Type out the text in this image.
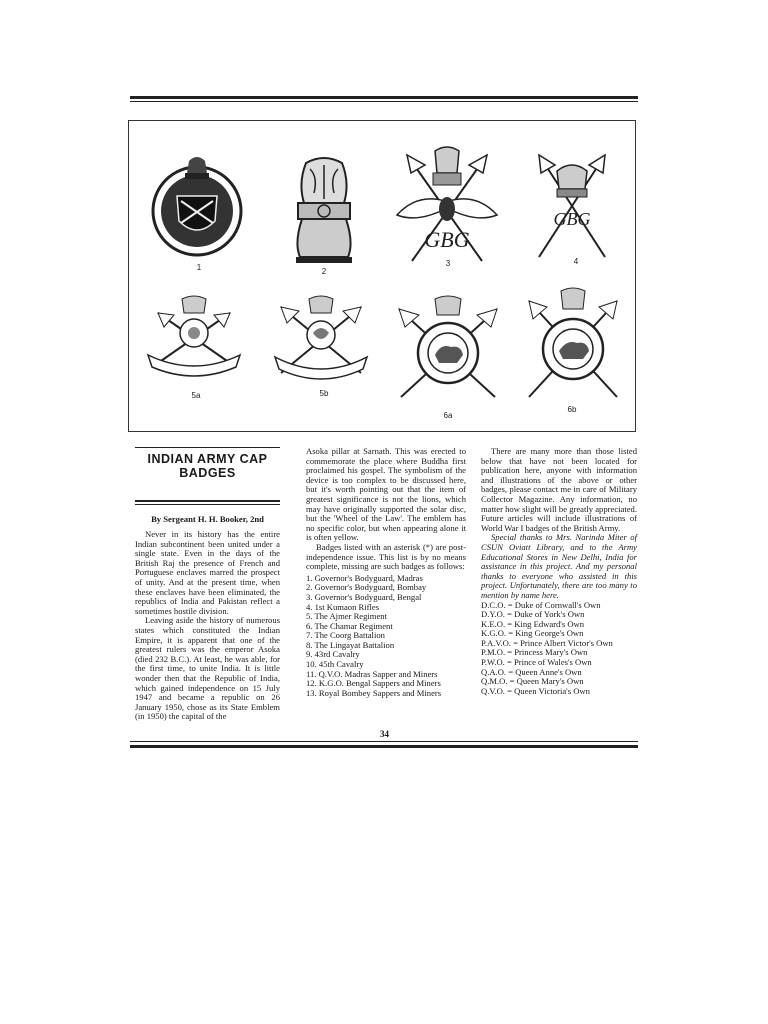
GBG
GBG
1	2
3	4
5a	5b
6a
6b
INDIAN ARMY CAP BADGES
By Sergeant H. H. Booker, 2nd

Never in its history has the entire Indian subcontinent been united under a single state. Even in the days of the British Raj the presence of French and Portuguese enclaves marred the prospect of unity. And at the present time, when these enclaves have been eliminated, the republics of India and Pakistan reflect a sometimes hostile division.

Leaving aside the history of numerous states which constituted the Indian Empire, it is apparent that one of the greatest rulers was the emperor Asoka (died 232 B.C.). At least, he was able, for the first time, to unite India. It is little wonder then that the Republic of India, which gained independence on 15 July 1947 and became a republic on 26 January 1950, chose as its State Emblem (in 1950) the capital of the

Asoka pillar at Sarnath. This was erected to commemorate the place where Buddha first proclaimed his gospel. The symbolism of the device is too complex to be discussed here, but it's worth pointing out that the item of greatest significance is not the lions, which may have originally supported the solar disc, but the 'Wheel of the Law'. The emblem has no specific color, but when appearing alone it is often yellow.

Badges listed with an asterisk (*) are post-independence issue. This list is by no means complete, missing are such badges as follows:

1. Governor's Bodyguard, Madras
2. Governor's Bodyguard, Bombay
3. Governor's Bodyguard, Bengal
4. 1st Kumaon Rifles
5. The Ajmer Regiment
6. The Chamar Regiment
7. The Coorg Battalion
8. The Lingayat Battalion
9. 43rd Cavalry
10. 45th Cavalry
11. Q.V.O. Madras Sapper and Miners
12. K.G.O. Bengal Sappers and Miners
13. Royal Bombey Sappers and Miners

There are many more than those listed below that have not been located for publication here, anyone with information and illustrations of the above or other badges, please contact me in care of Military Collector Magazine. Any information, no matter how slight will be greatly appreciated. Future articles will include illustrations of World War I badges of the British Army.

Special thanks to Mrs. Narinda Miter of CSUN Oviatt Library, and to the Army Educational Stores in New Delhi, India for assistance in this project. And my personal thanks to everyone who assisted in this project. Unfortunately, there are too many to mention by name here.

D.C.O. = Duke of Cornwall's Own
D.Y.O. = Duke of York's Own
K.E.O. = King Edward's Own
K.G.O. = King George's Own
P.A.V.O. = Prince Albert Victor's Own
P.M.O. = Princess Mary's Own
P.W.O. = Prince of Wales's Own
Q.A.O. = Queen Anne's Own
Q.M.O. = Queen Mary's Own
Q.V.O. = Queen Victoria's Own
34
